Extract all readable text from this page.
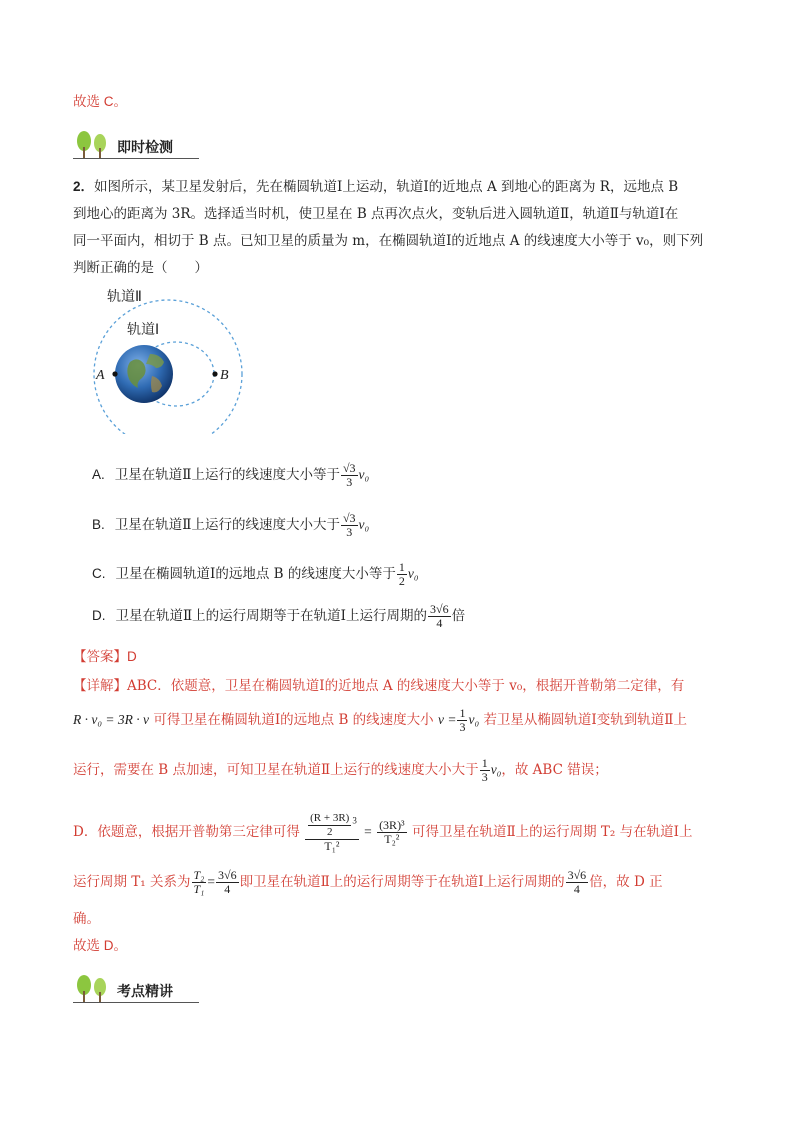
故选 C。
即时检测
2．如图所示，某卫星发射后，先在椭圆轨道Ⅰ上运动，轨道Ⅰ的近地点 A 到地心的距离为 R，远地点 B
到地心的距离为 3R。选择适当时机，使卫星在 B 点再次点火，变轨后进入圆轨道Ⅱ，轨道Ⅱ与轨道Ⅰ在
同一平面内，相切于 B 点。已知卫星的质量为 m，在椭圆轨道Ⅰ的近地点 A 的线速度大小等于 v₀，则下列
判断正确的是（　　）
轨道Ⅱ
轨道Ⅰ
A	B
A. 卫星在轨道Ⅱ上运行的线速度大小等于 $\frac{√3}{3} v_0$
B. 卫星在轨道Ⅱ上运行的线速度大小大于 $\frac{√3}{3} v_0$
C. 卫星在椭圆轨道Ⅰ的远地点 B 的线速度大小等于 $\frac{1}{2} v_0$
D. 卫星在轨道Ⅱ上的运行周期等于在轨道Ⅰ上运行周期的 $\frac{3√6}{4}$ 倍
【答案】D
【详解】ABC．依题意，卫星在椭圆轨道Ⅰ的近地点 A 的线速度大小等于 v₀，根据开普勒第二定律，有
R · v₀ = 3R · v 可得卫星在椭圆轨道Ⅰ的远地点 B 的线速度大小 $v = \frac{1}{3} v_0$ 若卫星从椭圆轨道Ⅰ变轨到轨道Ⅱ上
运行，需要在 B 点加速，可知卫星在轨道Ⅱ上运行的线速度大小大于 $\frac{1}{3} v_0$，故 ABC 错误；
D．依题意，根据开普勒第三定律可得 $\frac{\frac{(R + 3R)}{2} ^3}{\text{T₁²}} = \frac{\text{(3R)³}}{\text{T₂²}}$ 可得卫星在轨道Ⅱ上的运行周期 T₂ 与在轨道Ⅰ上
运行周期 T₁ 关系为 $\frac{\text{T₂}}{\text{T₁}} = \frac{3√6}{4}$ 即卫星在轨道Ⅱ上的运行周期等于在轨道Ⅰ上运行周期的 $\frac{3√6}{4}$ 倍，故 D 正
确。
故选 D。
考点精讲
